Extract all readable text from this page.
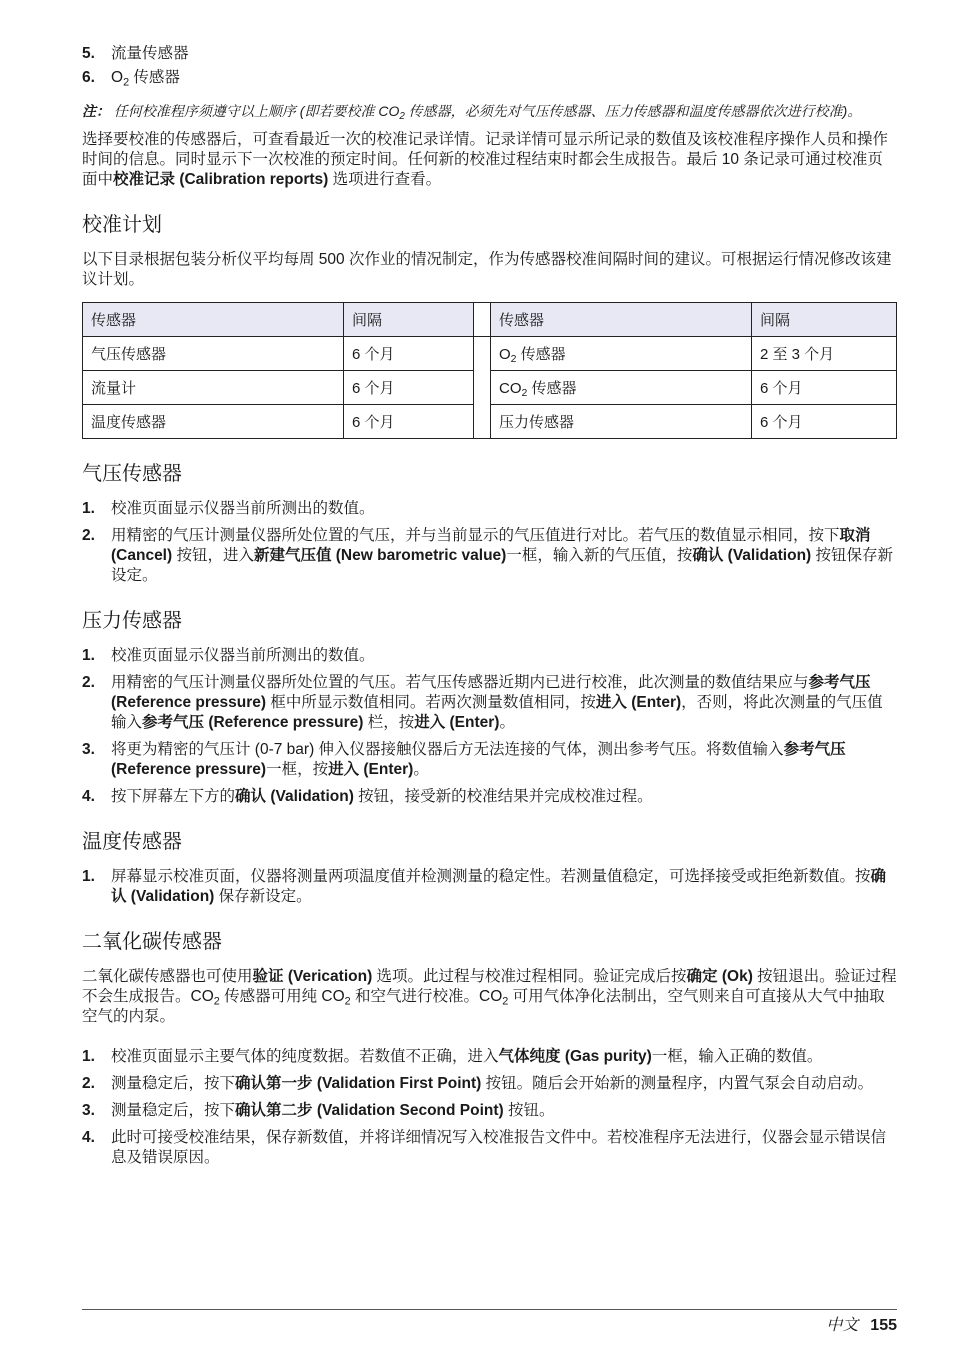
5.	流量传感器
6.	$O_2$ 传感器
注： 任何校准程序须遵守以上顺序 (即若要校准 $CO_2$ 传感器，必须先对气压传感器、压力传感器和温度传感器依次进行校准)。

选择要校准的传感器后，可查看最近一次的校准记录详情。记录详情可显示所记录的数值及该校准程序操作人员和操作时间的信息。同时显示下一次校准的预定时间。任何新的校准过程结束时都会生成报告。最后 10 条记录可通过校准页面中校准记录 (Calibration reports) 选项进行查看。

校准计划

以下目录根据包装分析仪平均每周 500 次作业的情况制定，作为传感器校准间隔时间的建议。可根据运行情况修改该建议计划。

传感器	间隔		传感器	间隔
气压传感器	6 个月		$O_2$ 传感器	2 至 3 个月
流量计	6 个月		$CO_2$ 传感器	6 个月
温度传感器	6 个月		压力传感器	6 个月
气压传感器
1.	校准页面显示仪器当前所测出的数值。
2.	用精密的气压计测量仪器所处位置的气压，并与当前显示的气压值进行对比。若气压的数值显示相同，按下取消 (Cancel) 按钮，进入新建气压值 (New barometric value)一框，输入新的气压值，按确认 (Validation) 按钮保存新设定。
压力传感器
1.	校准页面显示仪器当前所测出的数值。
2.	用精密的气压计测量仪器所处位置的气压。若气压传感器近期内已进行校准，此次测量的数值结果应与参考气压 (Reference pressure) 框中所显示数值相同。若两次测量数值相同，按进入 (Enter)，否则，将此次测量的气压值输入参考气压 (Reference pressure) 栏，按进入 (Enter)。
3.	将更为精密的气压计 (0-7 bar) 伸入仪器接触仪器后方无法连接的气体，测出参考气压。将数值输入参考气压 (Reference pressure)一框，按进入 (Enter)。
4.	按下屏幕左下方的确认 (Validation) 按钮，接受新的校准结果并完成校准过程。
温度传感器
1.	屏幕显示校准页面，仪器将测量两项温度值并检测测量的稳定性。若测量值稳定，可选择接受或拒绝新数值。按确认 (Validation) 保存新设定。
二氧化碳传感器

二氧化碳传感器也可使用验证 (Verication) 选项。此过程与校准过程相同。验证完成后按确定 (Ok) 按钮退出。验证过程不会生成报告。$CO_2$ 传感器可用纯 $CO_2$ 和空气进行校准。$CO_2$ 可用气体净化法制出，空气则来自可直接从大气中抽取空气的内泵。

1.	校准页面显示主要气体的纯度数据。若数值不正确，进入气体纯度 (Gas purity)一框，输入正确的数值。
2.	测量稳定后，按下确认第一步 (Validation First Point) 按钮。随后会开始新的测量程序，内置气泵会自动启动。
3.	测量稳定后，按下确认第二步 (Validation Second Point) 按钮。
4.	此时可接受校准结果，保存新数值，并将详细情况写入校准报告文件中。若校准程序无法进行，仪器会显示错误信息及错误原因。
中文 155
